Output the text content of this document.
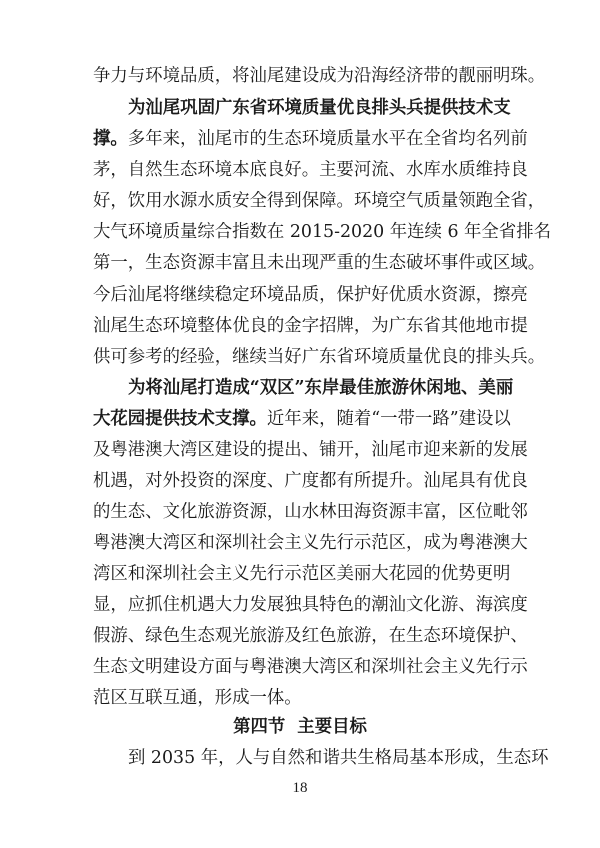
争力与环境品质，将汕尾建设成为沿海经济带的靓丽明珠。
为汕尾巩固广东省环境质量优良排头兵提供技术支
撑。多年来，汕尾市的生态环境质量水平在全省均名列前
茅，自然生态环境本底良好。主要河流、水库水质维持良
好，饮用水源水质安全得到保障。环境空气质量领跑全省，
大气环境质量综合指数在 2015-2020 年连续 6 年全省排名
第一，生态资源丰富且未出现严重的生态破坏事件或区域。
今后汕尾将继续稳定环境品质，保护好优质水资源，擦亮
汕尾生态环境整体优良的金字招牌，为广东省其他地市提
供可参考的经验，继续当好广东省环境质量优良的排头兵。
为将汕尾打造成“双区”东岸最佳旅游休闲地、美丽
大花园提供技术支撑。近年来，随着“一带一路”建设以
及粤港澳大湾区建设的提出、铺开，汕尾市迎来新的发展
机遇，对外投资的深度、广度都有所提升。汕尾具有优良
的生态、文化旅游资源，山水林田海资源丰富，区位毗邻
粤港澳大湾区和深圳社会主义先行示范区，成为粤港澳大
湾区和深圳社会主义先行示范区美丽大花园的优势更明
显，应抓住机遇大力发展独具特色的潮汕文化游、海滨度
假游、绿色生态观光旅游及红色旅游，在生态环境保护、
生态文明建设方面与粤港澳大湾区和深圳社会主义先行示
范区互联互通，形成一体。
第四节 主要目标
到 2035 年，人与自然和谐共生格局基本形成，生态环
18
